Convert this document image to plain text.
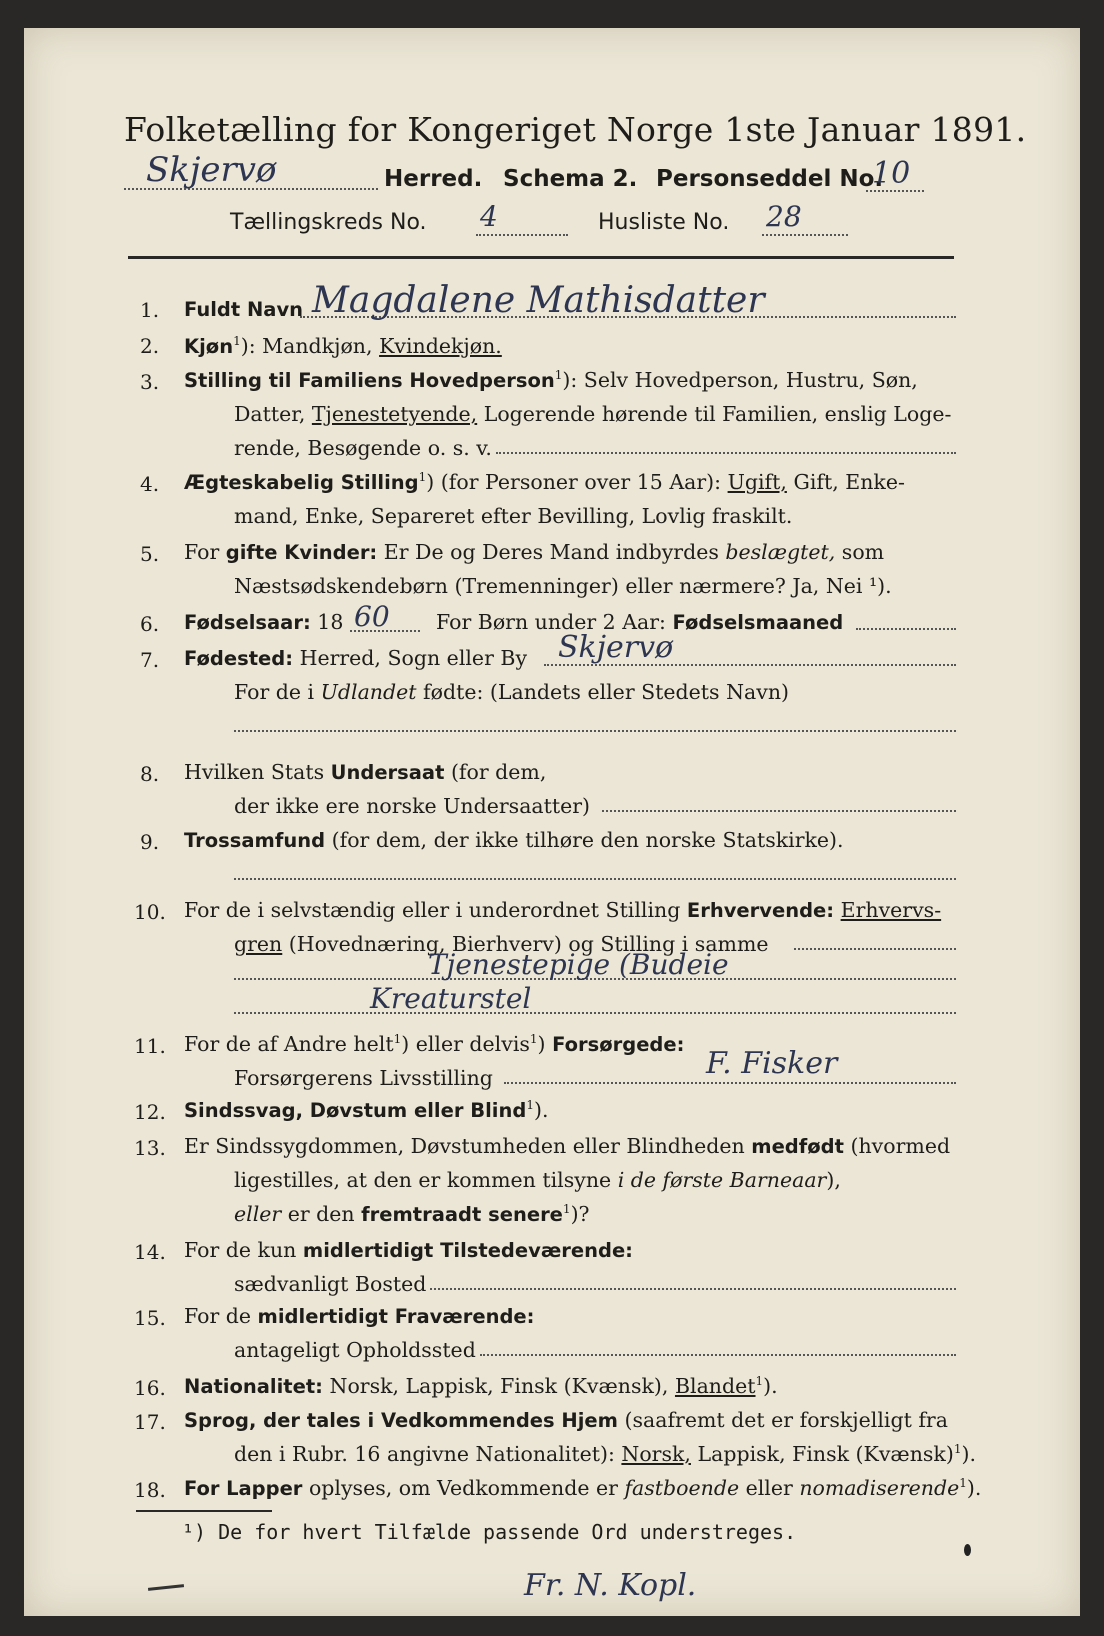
Folketælling for Kongeriget Norge 1ste Januar 1891.
Skjervø	Herred. Schema 2. Personseddel No.
10
Tællingskreds No. 4	Husliste No. 28
1. Fuldt Navn Magdalene Mathisdatter
2. Kjøn$^1$): Mandkjøn, Kvindekjøn.
3. Stilling til Familiens Hovedperson$^1$): Selv Hovedperson, Hustru, Søn,
Datter, Tjenestetyende, Logerende hørende til Familien, enslig Loge-
rende, Besøgende o. s. v.
4. Ægteskabelig Stilling$^1$) (for Personer over 15 Aar): Ugift, Gift, Enke-
mand, Enke, Separeret efter Bevilling, Lovlig fraskilt.
5. For gifte Kvinder: Er De og Deres Mand indbyrdes beslægtet, som
Næstsødskendebørn (Tremenninger) eller nærmere? Ja, Nei ¹).
6. Fødselsaar: 18 60 For Børn under 2 Aar: Fødselsmaaned
7. Fødested: Herred, Sogn eller By Skjervø
For de i Udlandet fødte: (Landets eller Stedets Navn)
8. Hvilken Stats Undersaat (for dem,
der ikke ere norske Undersaatter)
9. Trossamfund (for dem, der ikke tilhøre den norske Statskirke).
10. For de i selvstændig eller i underordnet Stilling Erhvervende: Erhvervs-
gren (Hovednæring, Bierhverv) og Stilling i samme
Tjenestepige (Budeie
Kreaturstel
11. For de af Andre helt$^1$) eller delvis$^1$) Forsørgede:
Forsørgerens Livsstilling	F. Fisker
12. Sindssvag, Døvstum eller Blind$^1$).
13. Er Sindssygdommen, Døvstumheden eller Blindheden medfødt (hvormed
ligestilles, at den er kommen tilsyne i de første Barneaar),
eller er den fremtraadt senere$^1$)?
14. For de kun midlertidigt Tilstedeværende:
sædvanligt Bosted
15. For de midlertidigt Fraværende:
antageligt Opholdssted
16. Nationalitet: Norsk, Lappisk, Finsk (Kvænsk), Blandet$^1$).
17. Sprog, der tales i Vedkommendes Hjem (saafremt det er forskjelligt fra
den i Rubr. 16 angivne Nationalitet): Norsk, Lappisk, Finsk (Kvænsk)$^1$).
18. For Lapper oplyses, om Vedkommende er fastboende eller nomadiserende$^1$).
¹) De for hvert Tilfælde passende Ord understreges.
Fr. N. Kopl.
